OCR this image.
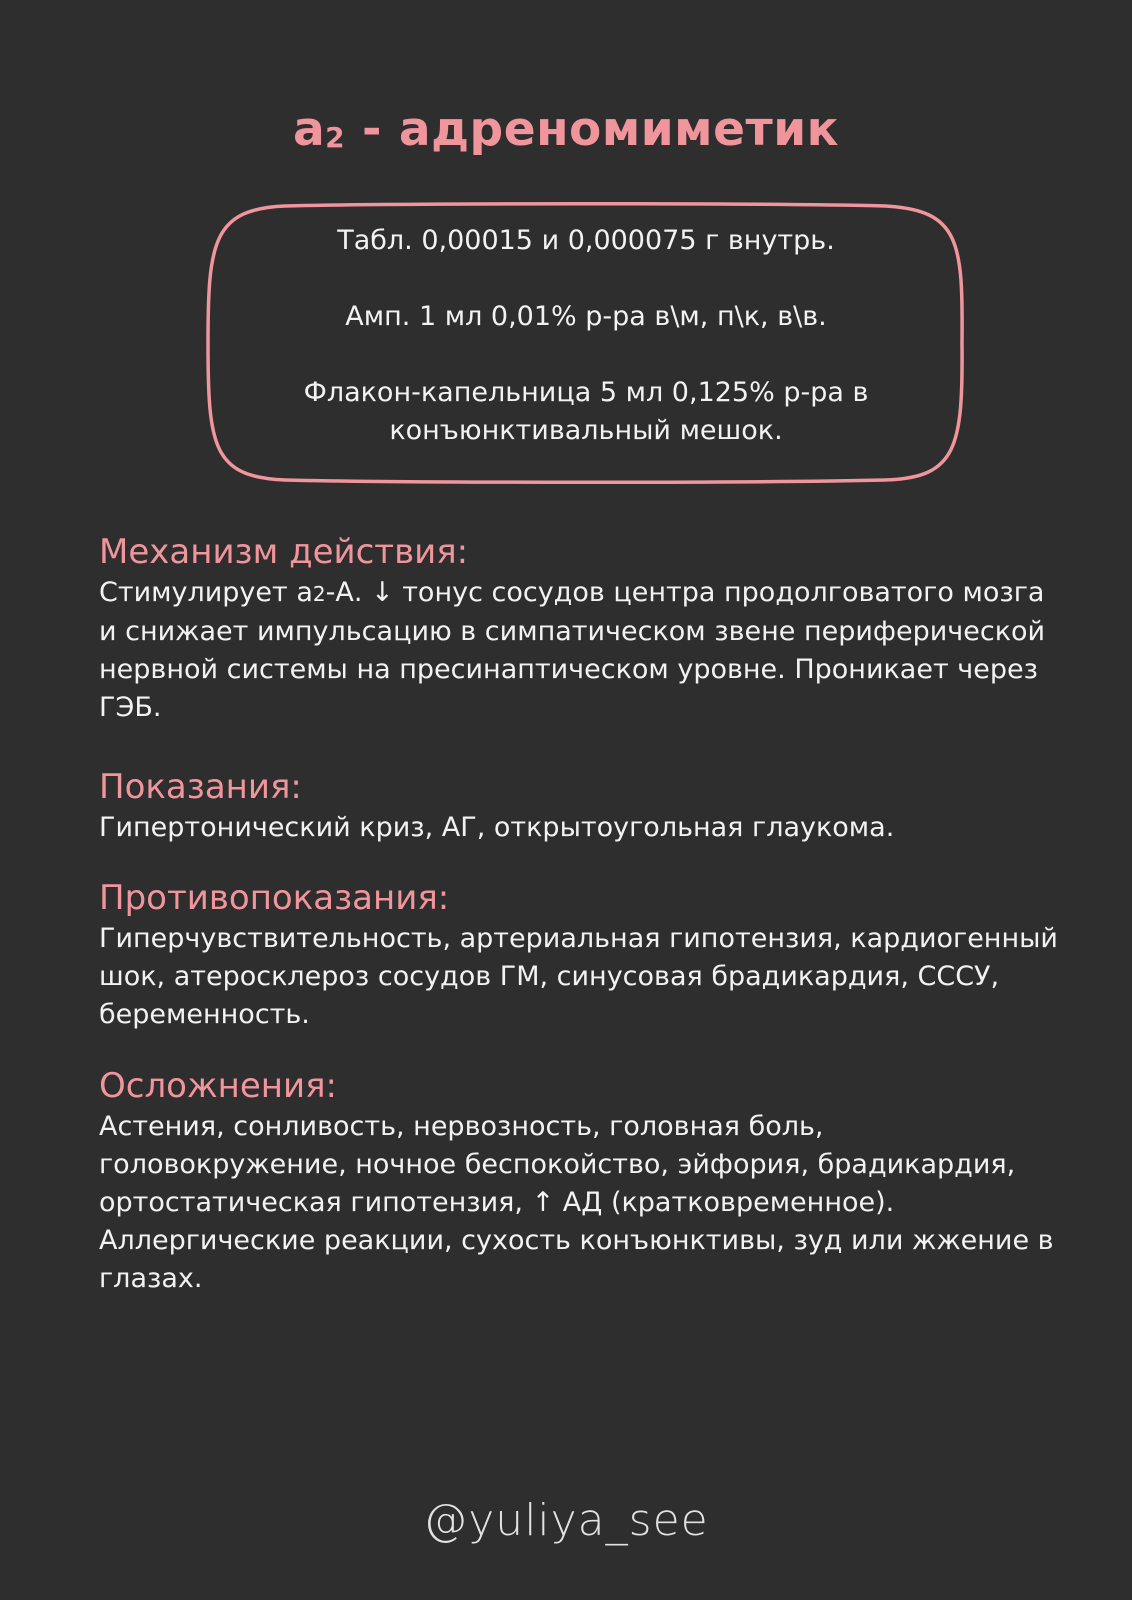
а2 - адреномиметик

Табл. 0,00015 и 0,000075 г внутрь.

Амп. 1 мл 0,01% р-ра в\м, п\к, в\в.

Флакон-капельница 5 мл 0,125% р-ра в конъюнктивальный мешок.

Механизм действия:
Стимулирует а2-А. ↓ тонус сосудов центра продолговатого мозга и снижает импульсацию в симпатическом звене периферической нервной системы на пресинаптическом уровне. Проникает через ГЭБ.
Показания:
Гипертонический криз, АГ, открытоугольная глаукома.
Противопоказания:
Гиперчувствительность, артериальная гипотензия, кардиогенный шок, атеросклероз сосудов ГМ, синусовая брадикардия, СССУ, беременность.
Осложнения:
Астения, сонливость, нервозность, головная боль, головокружение, ночное беспокойство, эйфория, брадикардия, ортостатическая гипотензия, ↑ АД (кратковременное). Аллергические реакции, сухость конъюнктивы, зуд или жжение в глазах.
@yuliya_see
